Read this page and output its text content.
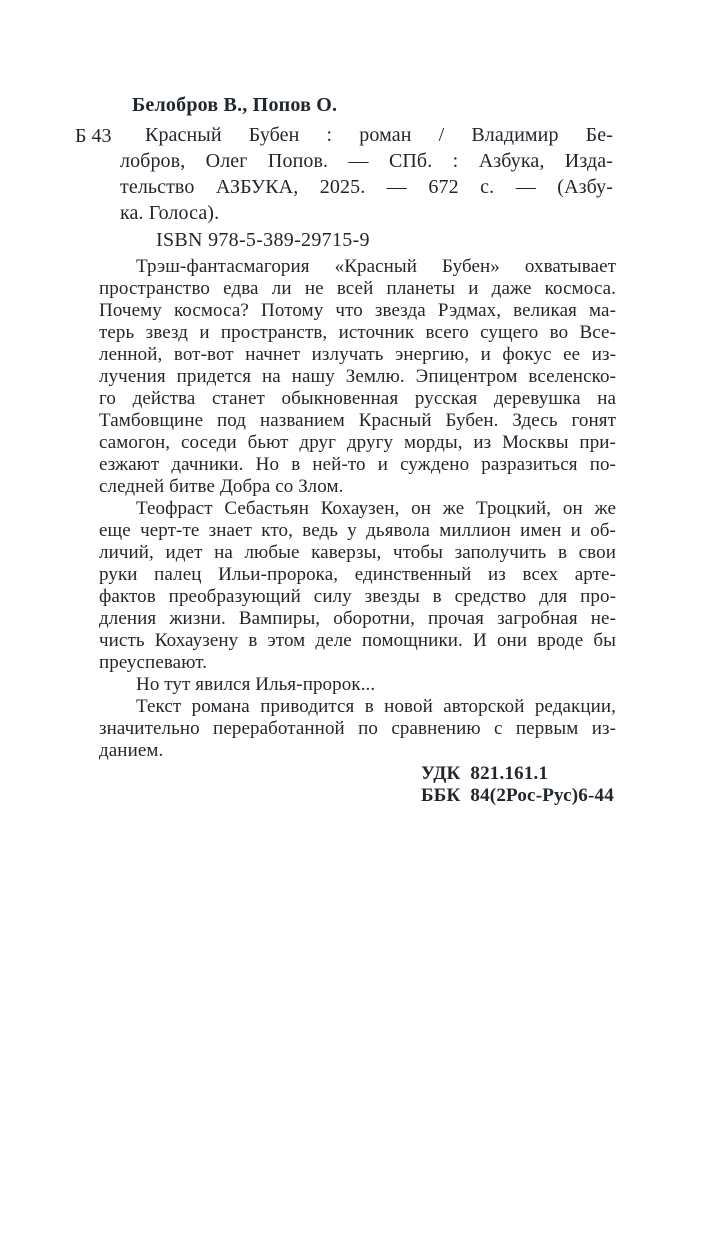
Белобров В., Попов О.
Б 43	Красный Бубен : роман / Владимир Бе-
лобров, Олег Попов. — СПб. : Азбука, Изда-
тельство АЗБУКА, 2025. — 672 с. — (Азбу-
ка. Голоса).
ISBN 978-5-389-29715-9
Трэш-фантасмагория «Красный Бубен» охватывает
пространство едва ли не всей планеты и даже космоса.
Почему космоса? Потому что звезда Рэдмах, великая ма-
терь звезд и пространств, источник всего сущего во Все-
ленной, вот-вот начнет излучать энергию, и фокус ее из-
лучения придется на нашу Землю. Эпицентром вселенско-
го действа станет обыкновенная русская деревушка на
Тамбовщине под названием Красный Бубен. Здесь гонят
самогон, соседи бьют друг другу морды, из Москвы при-
езжают дачники. Но в ней-то и суждено разразиться по-
следней битве Добра со Злом.
Теофраст Себастьян Кохаузен, он же Троцкий, он же
еще черт-те знает кто, ведь у дьявола миллион имен и об-
личий, идет на любые каверзы, чтобы заполучить в свои
руки палец Ильи-пророка, единственный из всех арте-
фактов преобразующий силу звезды в средство для про-
дления жизни. Вампиры, оборотни, прочая загробная не-
чисть Кохаузену в этом деле помощники. И они вроде бы
преуспевают.
Но тут явился Илья-пророк...
Текст романа приводится в новой авторской редакции,
значительно переработанной по сравнению с первым из-
данием.
УДК  821.161.1
ББК  84(2Рос-Рус)6-44
